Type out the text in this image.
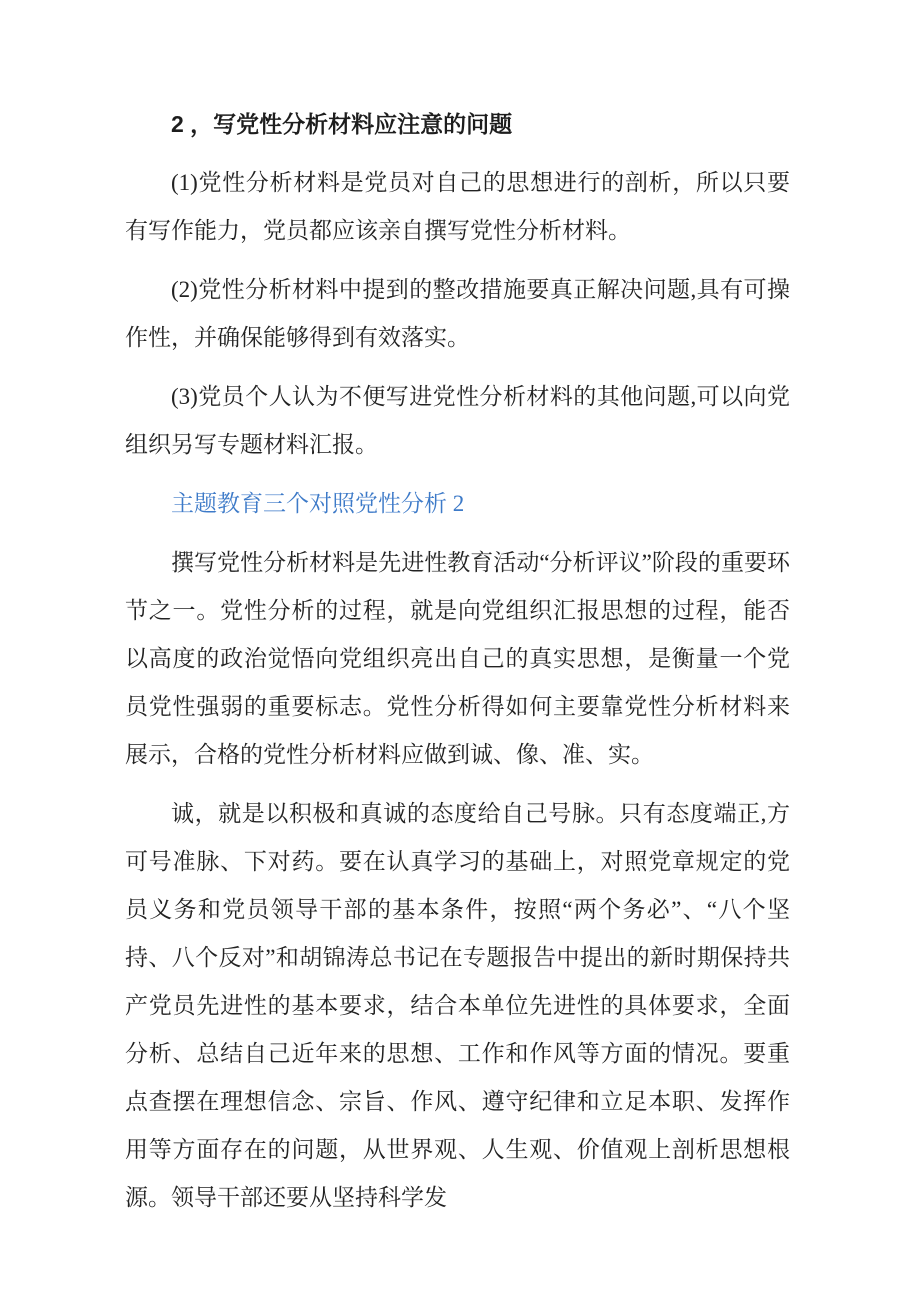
2 ，写党性分析材料应注意的问题

(1)党性分析材料是党员对自己的思想进行的剖析，所以只要有写作能力，党员都应该亲自撰写党性分析材料。

(2)党性分析材料中提到的整改措施要真正解决问题,具有可操作性，并确保能够得到有效落实。

(3)党员个人认为不便写进党性分析材料的其他问题,可以向党组织另写专题材料汇报。

主题教育三个对照党性分析 2

撰写党性分析材料是先进性教育活动“分析评议”阶段的重要环节之一。党性分析的过程，就是向党组织汇报思想的过程，能否以高度的政治觉悟向党组织亮出自己的真实思想，是衡量一个党员党性强弱的重要标志。党性分析得如何主要靠党性分析材料来展示，合格的党性分析材料应做到诚、像、准、实。

诚，就是以积极和真诚的态度给自己号脉。只有态度端正,方可号准脉、下对药。要在认真学习的基础上，对照党章规定的党员义务和党员领导干部的基本条件，按照“两个务必”、“八个坚持、八个反对”和胡锦涛总书记在专题报告中提出的新时期保持共产党员先进性的基本要求，结合本单位先进性的具体要求，全面分析、总结自己近年来的思想、工作和作风等方面的情况。要重点查摆在理想信念、宗旨、作风、遵守纪律和立足本职、发挥作用等方面存在的问题，从世界观、人生观、价值观上剖析思想根源。领导干部还要从坚持科学发
